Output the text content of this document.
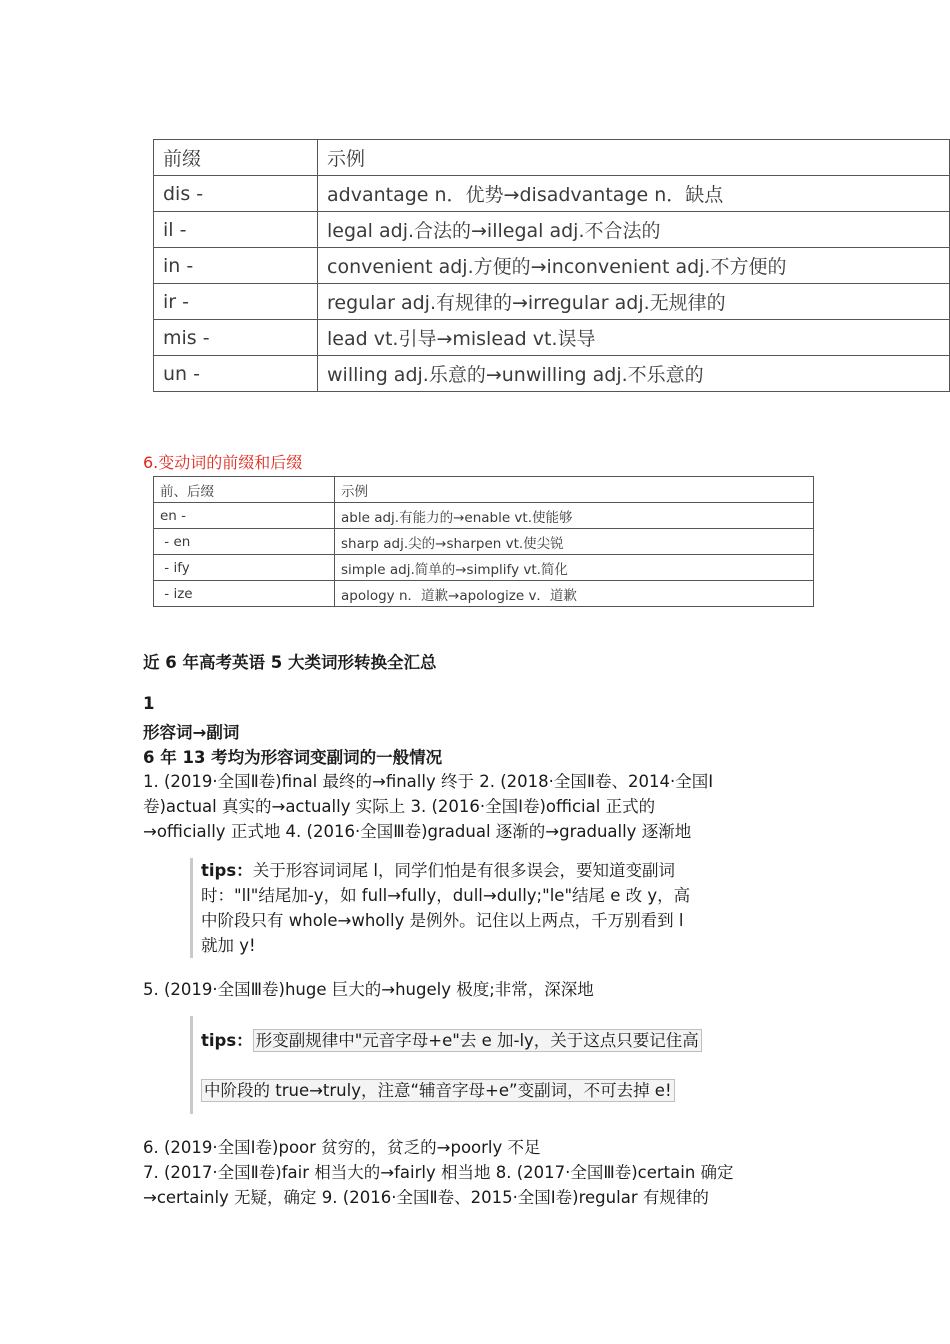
前缀	示例
dis -	advantage n．优势→disadvantage n．缺点
il -	legal adj.合法的→illegal adj.不合法的
in -	convenient adj.方便的→inconvenient adj.不方便的
ir -	regular adj.有规律的→irregular adj.无规律的
mis -	lead vt.引导→mislead vt.误导
un -	willing adj.乐意的→unwilling adj.不乐意的
6.变动词的前缀和后缀
前、后缀	示例
en -	able adj.有能力的→enable vt.使能够
- en	sharp adj.尖的→sharpen vt.使尖锐
- ify	simple adj.简单的→simplify vt.简化
- ize	apology n．道歉→apologize v．道歉
近 6 年高考英语 5 大类词形转换全汇总
1
形容词→副词
6 年 13 考均为形容词变副词的一般情况
1. (2019·全国Ⅱ卷)final 最终的→finally 终于 2. (2018·全国Ⅱ卷、2014·全国Ⅰ
卷)actual 真实的→actually 实际上 3. (2016·全国Ⅰ卷)official 正式的
→officially 正式地 4. (2016·全国Ⅲ卷)gradual 逐渐的→gradually 逐渐地
tips：关于形容词词尾 l，同学们怕是有很多误会，要知道变副词
时："ll"结尾加-y，如 full→fully，dull→dully;"le"结尾 e 改 y，高
中阶段只有 whole→wholly 是例外。记住以上两点，千万别看到 l
就加 y!
5. (2019·全国Ⅲ卷)huge 巨大的→hugely 极度;非常，深深地
tips： 形变副规律中"元音字母+e"去 e 加-ly，关于这点只要记住高
中阶段的 true→truly，注意“辅音字母+e”变副词，不可去掉 e!
6. (2019·全国Ⅰ卷)poor 贫穷的，贫乏的→poorly 不足
7. (2017·全国Ⅱ卷)fair 相当大的→fairly 相当地 8. (2017·全国Ⅲ卷)certain 确定
→certainly 无疑，确定 9. (2016·全国Ⅱ卷、2015·全国Ⅰ卷)regular 有规律的
